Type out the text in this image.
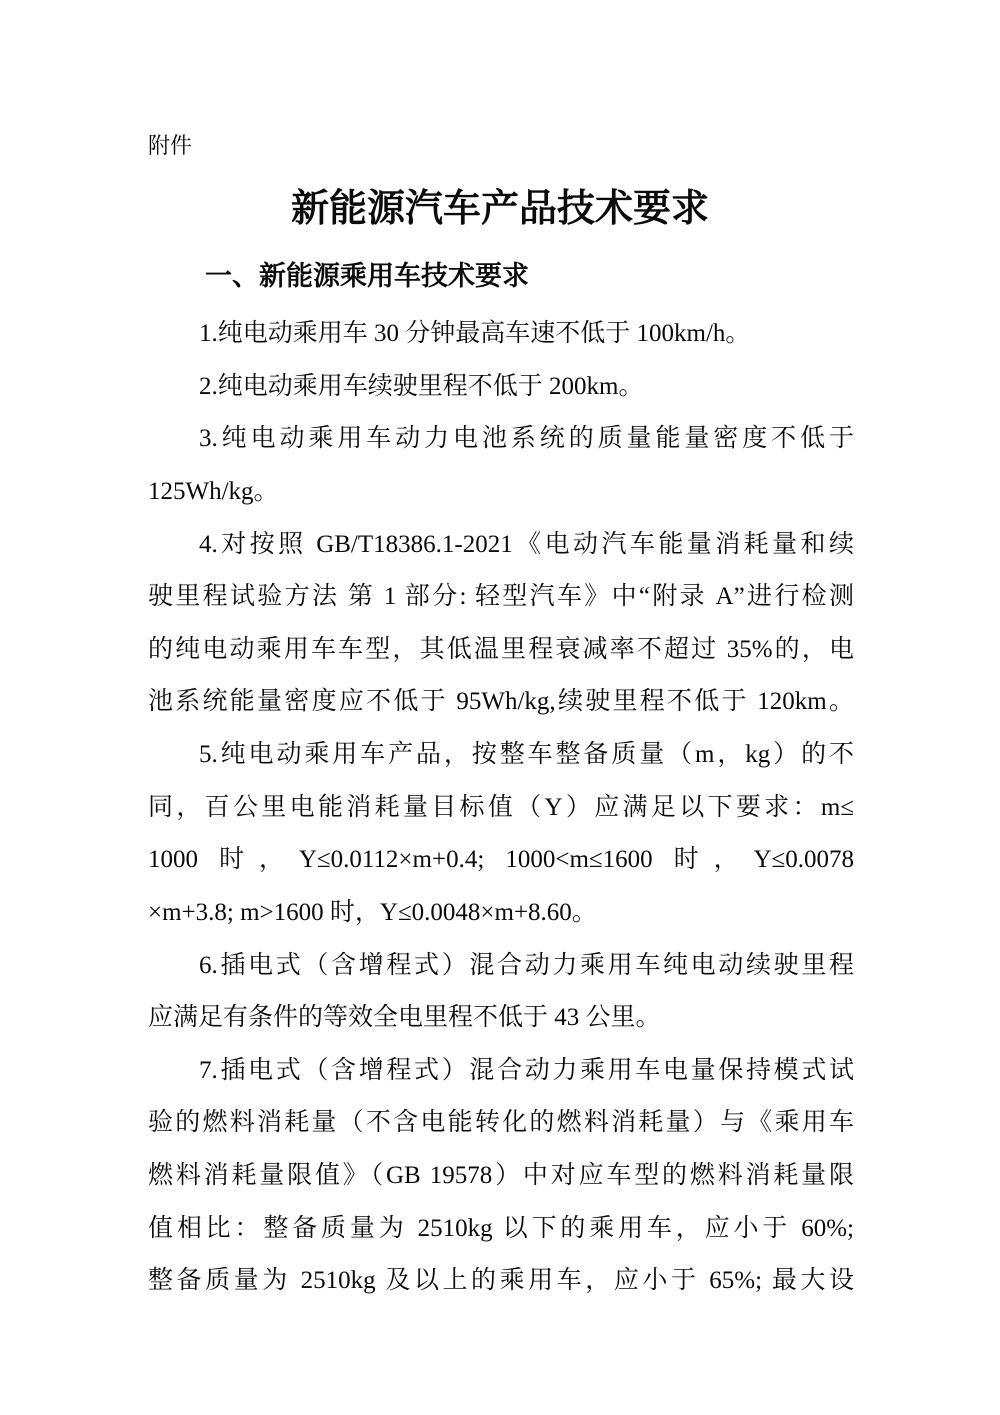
附件
新能源汽车产品技术要求
一、新能源乘用车技术要求
1.纯电动乘用车 30 分钟最高车速不低于 100km/h。
2.纯电动乘用车续驶里程不低于 200km。
3.纯电动乘用车动力电池系统的质量能量密度不低于
125Wh/kg。
4.对按照 GB/T18386.1-2021《电动汽车能量消耗量和续
驶里程试验方法 第 1 部分: 轻型汽车》中“附录 A”进行检测
的纯电动乘用车车型，其低温里程衰减率不超过 35%的，电
池系统能量密度应不低于 95Wh/kg,续驶里程不低于 120km。
5.纯电动乘用车产品，按整车整备质量（m，kg）的不
同，百公里电能消耗量目标值（Y）应满足以下要求：m≤
1000 时，Y≤0.0112×m+0.4; 1000<m≤1600 时，Y≤0.0078
×m+3.8; m>1600 时，Y≤0.0048×m+8.60。
6.插电式（含增程式）混合动力乘用车纯电动续驶里程
应满足有条件的等效全电里程不低于 43 公里。
7.插电式（含增程式）混合动力乘用车电量保持模式试
验的燃料消耗量（不含电能转化的燃料消耗量）与《乘用车
燃料消耗量限值》（GB 19578）中对应车型的燃料消耗量限
值相比：整备质量为 2510kg 以下的乘用车，应小于 60%;
整备质量为 2510kg 及以上的乘用车，应小于 65%; 最大设
